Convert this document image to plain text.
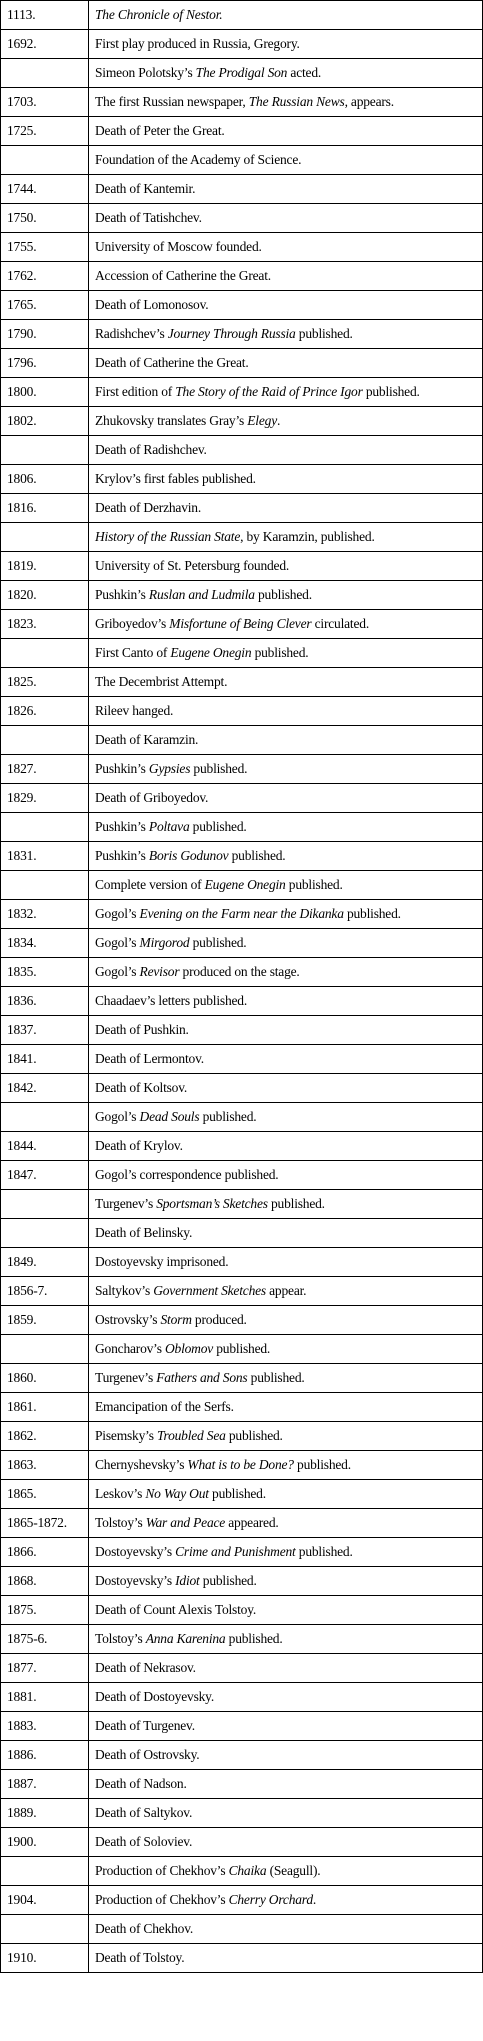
1113.	The Chronicle of Nestor.
1692.	First play produced in Russia, Gregory.
	Simeon Polotsky’s The Prodigal Son acted.
1703.	The first Russian newspaper, The Russian News, appears.
1725.	Death of Peter the Great.
	Foundation of the Academy of Science.
1744.	Death of Kantemir.
1750.	Death of Tatishchev.
1755.	University of Moscow founded.
1762.	Accession of Catherine the Great.
1765.	Death of Lomonosov.
1790.	Radishchev’s Journey Through Russia published.
1796.	Death of Catherine the Great.
1800.	First edition of The Story of the Raid of Prince Igor published.
1802.	Zhukovsky translates Gray’s Elegy.
	Death of Radishchev.
1806.	Krylov’s first fables published.
1816.	Death of Derzhavin.
	History of the Russian State, by Karamzin, published.
1819.	University of St. Petersburg founded.
1820.	Pushkin’s Ruslan and Ludmila published.
1823.	Griboyedov’s Misfortune of Being Clever circulated.
	First Canto of Eugene Onegin published.
1825.	The Decembrist Attempt.
1826.	Rileev hanged.
	Death of Karamzin.
1827.	Pushkin’s Gypsies published.
1829.	Death of Griboyedov.
	Pushkin’s Poltava published.
1831.	Pushkin’s Boris Godunov published.
	Complete version of Eugene Onegin published.
1832.	Gogol’s Evening on the Farm near the Dikanka published.
1834.	Gogol’s Mirgorod published.
1835.	Gogol’s Revisor produced on the stage.
1836.	Chaadaev’s letters published.
1837.	Death of Pushkin.
1841.	Death of Lermontov.
1842.	Death of Koltsov.
	Gogol’s Dead Souls published.
1844.	Death of Krylov.
1847.	Gogol’s correspondence published.
	Turgenev’s Sportsman’s Sketches published.
	Death of Belinsky.
1849.	Dostoyevsky imprisoned.
1856-7.	Saltykov’s Government Sketches appear.
1859.	Ostrovsky’s Storm produced.
	Goncharov’s Oblomov published.
1860.	Turgenev’s Fathers and Sons published.
1861.	Emancipation of the Serfs.
1862.	Pisemsky’s Troubled Sea published.
1863.	Chernyshevsky’s What is to be Done? published.
1865.	Leskov’s No Way Out published.
1865-1872.	Tolstoy’s War and Peace appeared.
1866.	Dostoyevsky’s Crime and Punishment published.
1868.	Dostoyevsky’s Idiot published.
1875.	Death of Count Alexis Tolstoy.
1875-6.	Tolstoy’s Anna Karenina published.
1877.	Death of Nekrasov.
1881.	Death of Dostoyevsky.
1883.	Death of Turgenev.
1886.	Death of Ostrovsky.
1887.	Death of Nadson.
1889.	Death of Saltykov.
1900.	Death of Soloviev.
	Production of Chekhov’s Chaika (Seagull).
1904.	Production of Chekhov’s Cherry Orchard.
	Death of Chekhov.
1910.	Death of Tolstoy.
